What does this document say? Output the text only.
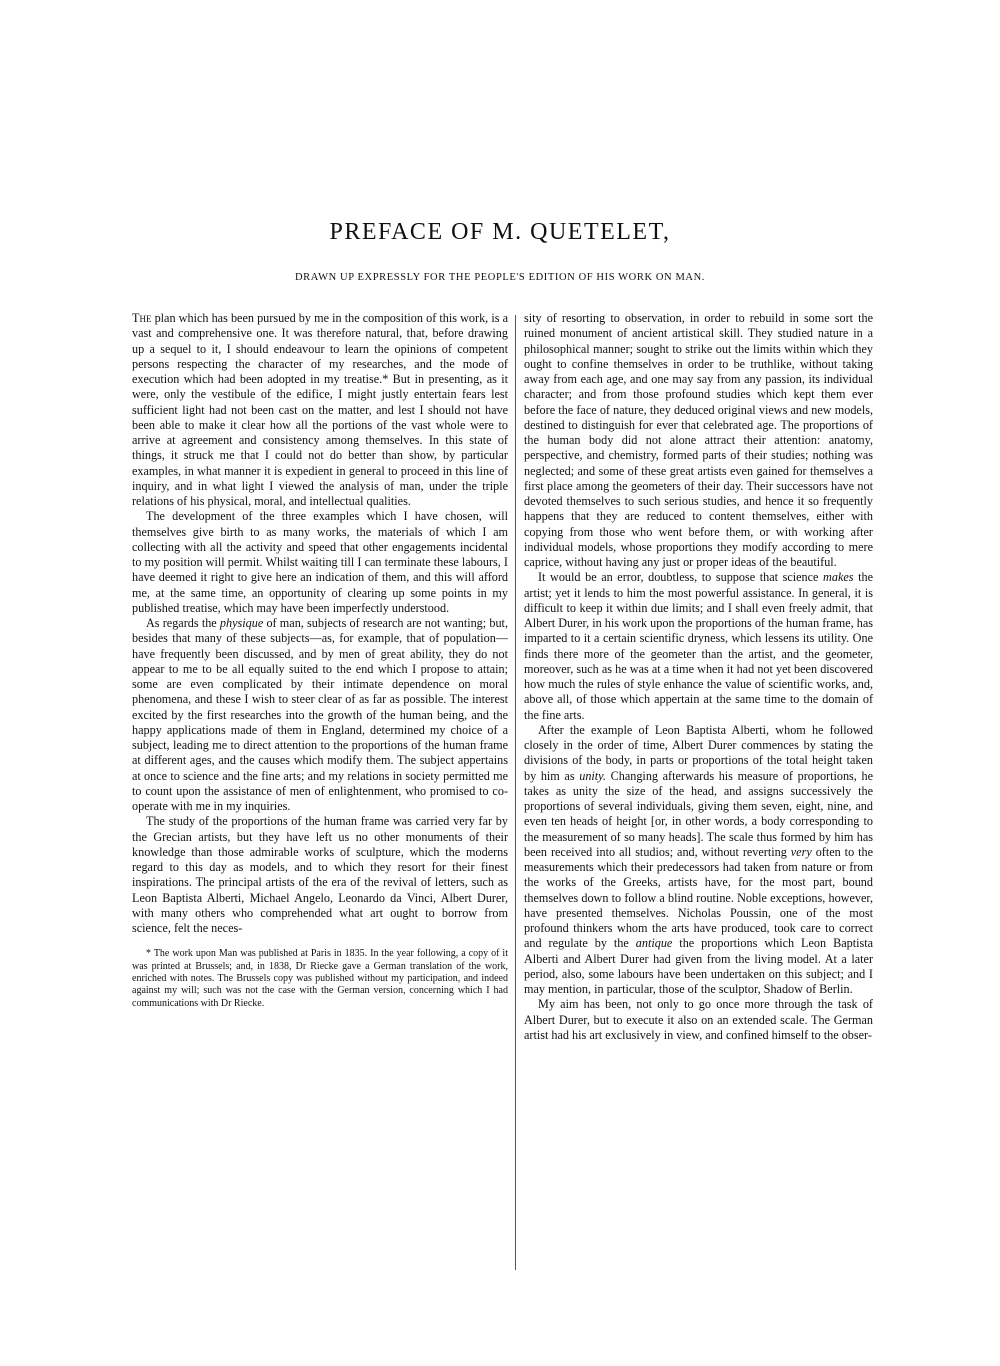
PREFACE OF M. QUETELET,
DRAWN UP EXPRESSLY FOR THE PEOPLE'S EDITION OF HIS WORK ON MAN.

The plan which has been pursued by me in the composition of this work, is a vast and comprehensive one. It was therefore natural, that, before drawing up a sequel to it, I should endeavour to learn the opinions of competent persons respecting the character of my researches, and the mode of execution which had been adopted in my treatise.* But in presenting, as it were, only the vestibule of the edifice, I might justly entertain fears lest sufficient light had not been cast on the matter, and lest I should not have been able to make it clear how all the portions of the vast whole were to arrive at agreement and consistency among themselves. In this state of things, it struck me that I could not do better than show, by particular examples, in what manner it is expedient in general to proceed in this line of inquiry, and in what light I viewed the analysis of man, under the triple relations of his physical, moral, and intellectual qualities.

The development of the three examples which I have chosen, will themselves give birth to as many works, the materials of which I am collecting with all the activity and speed that other engagements incidental to my position will permit. Whilst waiting till I can terminate these labours, I have deemed it right to give here an indication of them, and this will afford me, at the same time, an opportunity of clearing up some points in my published treatise, which may have been imperfectly understood.

As regards the physique of man, subjects of research are not wanting; but, besides that many of these subjects—as, for example, that of population—have frequently been discussed, and by men of great ability, they do not appear to me to be all equally suited to the end which I propose to attain; some are even complicated by their intimate dependence on moral phenomena, and these I wish to steer clear of as far as possible. The interest excited by the first researches into the growth of the human being, and the happy applications made of them in England, determined my choice of a subject, leading me to direct attention to the proportions of the human frame at different ages, and the causes which modify them. The subject appertains at once to science and the fine arts; and my relations in society permitted me to count upon the assistance of men of enlightenment, who promised to co-operate with me in my inquiries.

The study of the proportions of the human frame was carried very far by the Grecian artists, but they have left us no other monuments of their knowledge than those admirable works of sculpture, which the moderns regard to this day as models, and to which they resort for their finest inspirations. The principal artists of the era of the revival of letters, such as Leon Baptista Alberti, Michael Angelo, Leonardo da Vinci, Albert Durer, with many others who comprehended what art ought to borrow from science, felt the neces-

* The work upon Man was published at Paris in 1835. In the year following, a copy of it was printed at Brussels; and, in 1838, Dr Riecke gave a German translation of the work, enriched with notes. The Brussels copy was published without my participation, and indeed against my will; such was not the case with the German version, concerning which I had communications with Dr Riecke.

sity of resorting to observation, in order to rebuild in some sort the ruined monument of ancient artistical skill. They studied nature in a philosophical manner; sought to strike out the limits within which they ought to confine themselves in order to be truthlike, without taking away from each age, and one may say from any passion, its individual character; and from those profound studies which kept them ever before the face of nature, they deduced original views and new models, destined to distinguish for ever that celebrated age. The proportions of the human body did not alone attract their attention: anatomy, perspective, and chemistry, formed parts of their studies; nothing was neglected; and some of these great artists even gained for themselves a first place among the geometers of their day. Their successors have not devoted themselves to such serious studies, and hence it so frequently happens that they are reduced to content themselves, either with copying from those who went before them, or with working after individual models, whose proportions they modify according to mere caprice, without having any just or proper ideas of the beautiful.

It would be an error, doubtless, to suppose that science makes the artist; yet it lends to him the most powerful assistance. In general, it is difficult to keep it within due limits; and I shall even freely admit, that Albert Durer, in his work upon the proportions of the human frame, has imparted to it a certain scientific dryness, which lessens its utility. One finds there more of the geometer than the artist, and the geometer, moreover, such as he was at a time when it had not yet been discovered how much the rules of style enhance the value of scientific works, and, above all, of those which appertain at the same time to the domain of the fine arts.

After the example of Leon Baptista Alberti, whom he followed closely in the order of time, Albert Durer commences by stating the divisions of the body, in parts or proportions of the total height taken by him as unity. Changing afterwards his measure of proportions, he takes as unity the size of the head, and assigns successively the proportions of several individuals, giving them seven, eight, nine, and even ten heads of height [or, in other words, a body corresponding to the measurement of so many heads]. The scale thus formed by him has been received into all studios; and, without reverting very often to the measurements which their predecessors had taken from nature or from the works of the Greeks, artists have, for the most part, bound themselves down to follow a blind routine. Noble exceptions, however, have presented themselves. Nicholas Poussin, one of the most profound thinkers whom the arts have produced, took care to correct and regulate by the antique the proportions which Leon Baptista Alberti and Albert Durer had given from the living model. At a later period, also, some labours have been undertaken on this subject; and I may mention, in particular, those of the sculptor, Shadow of Berlin.

My aim has been, not only to go once more through the task of Albert Durer, but to execute it also on an extended scale. The German artist had his art exclusively in view, and confined himself to the obser-
